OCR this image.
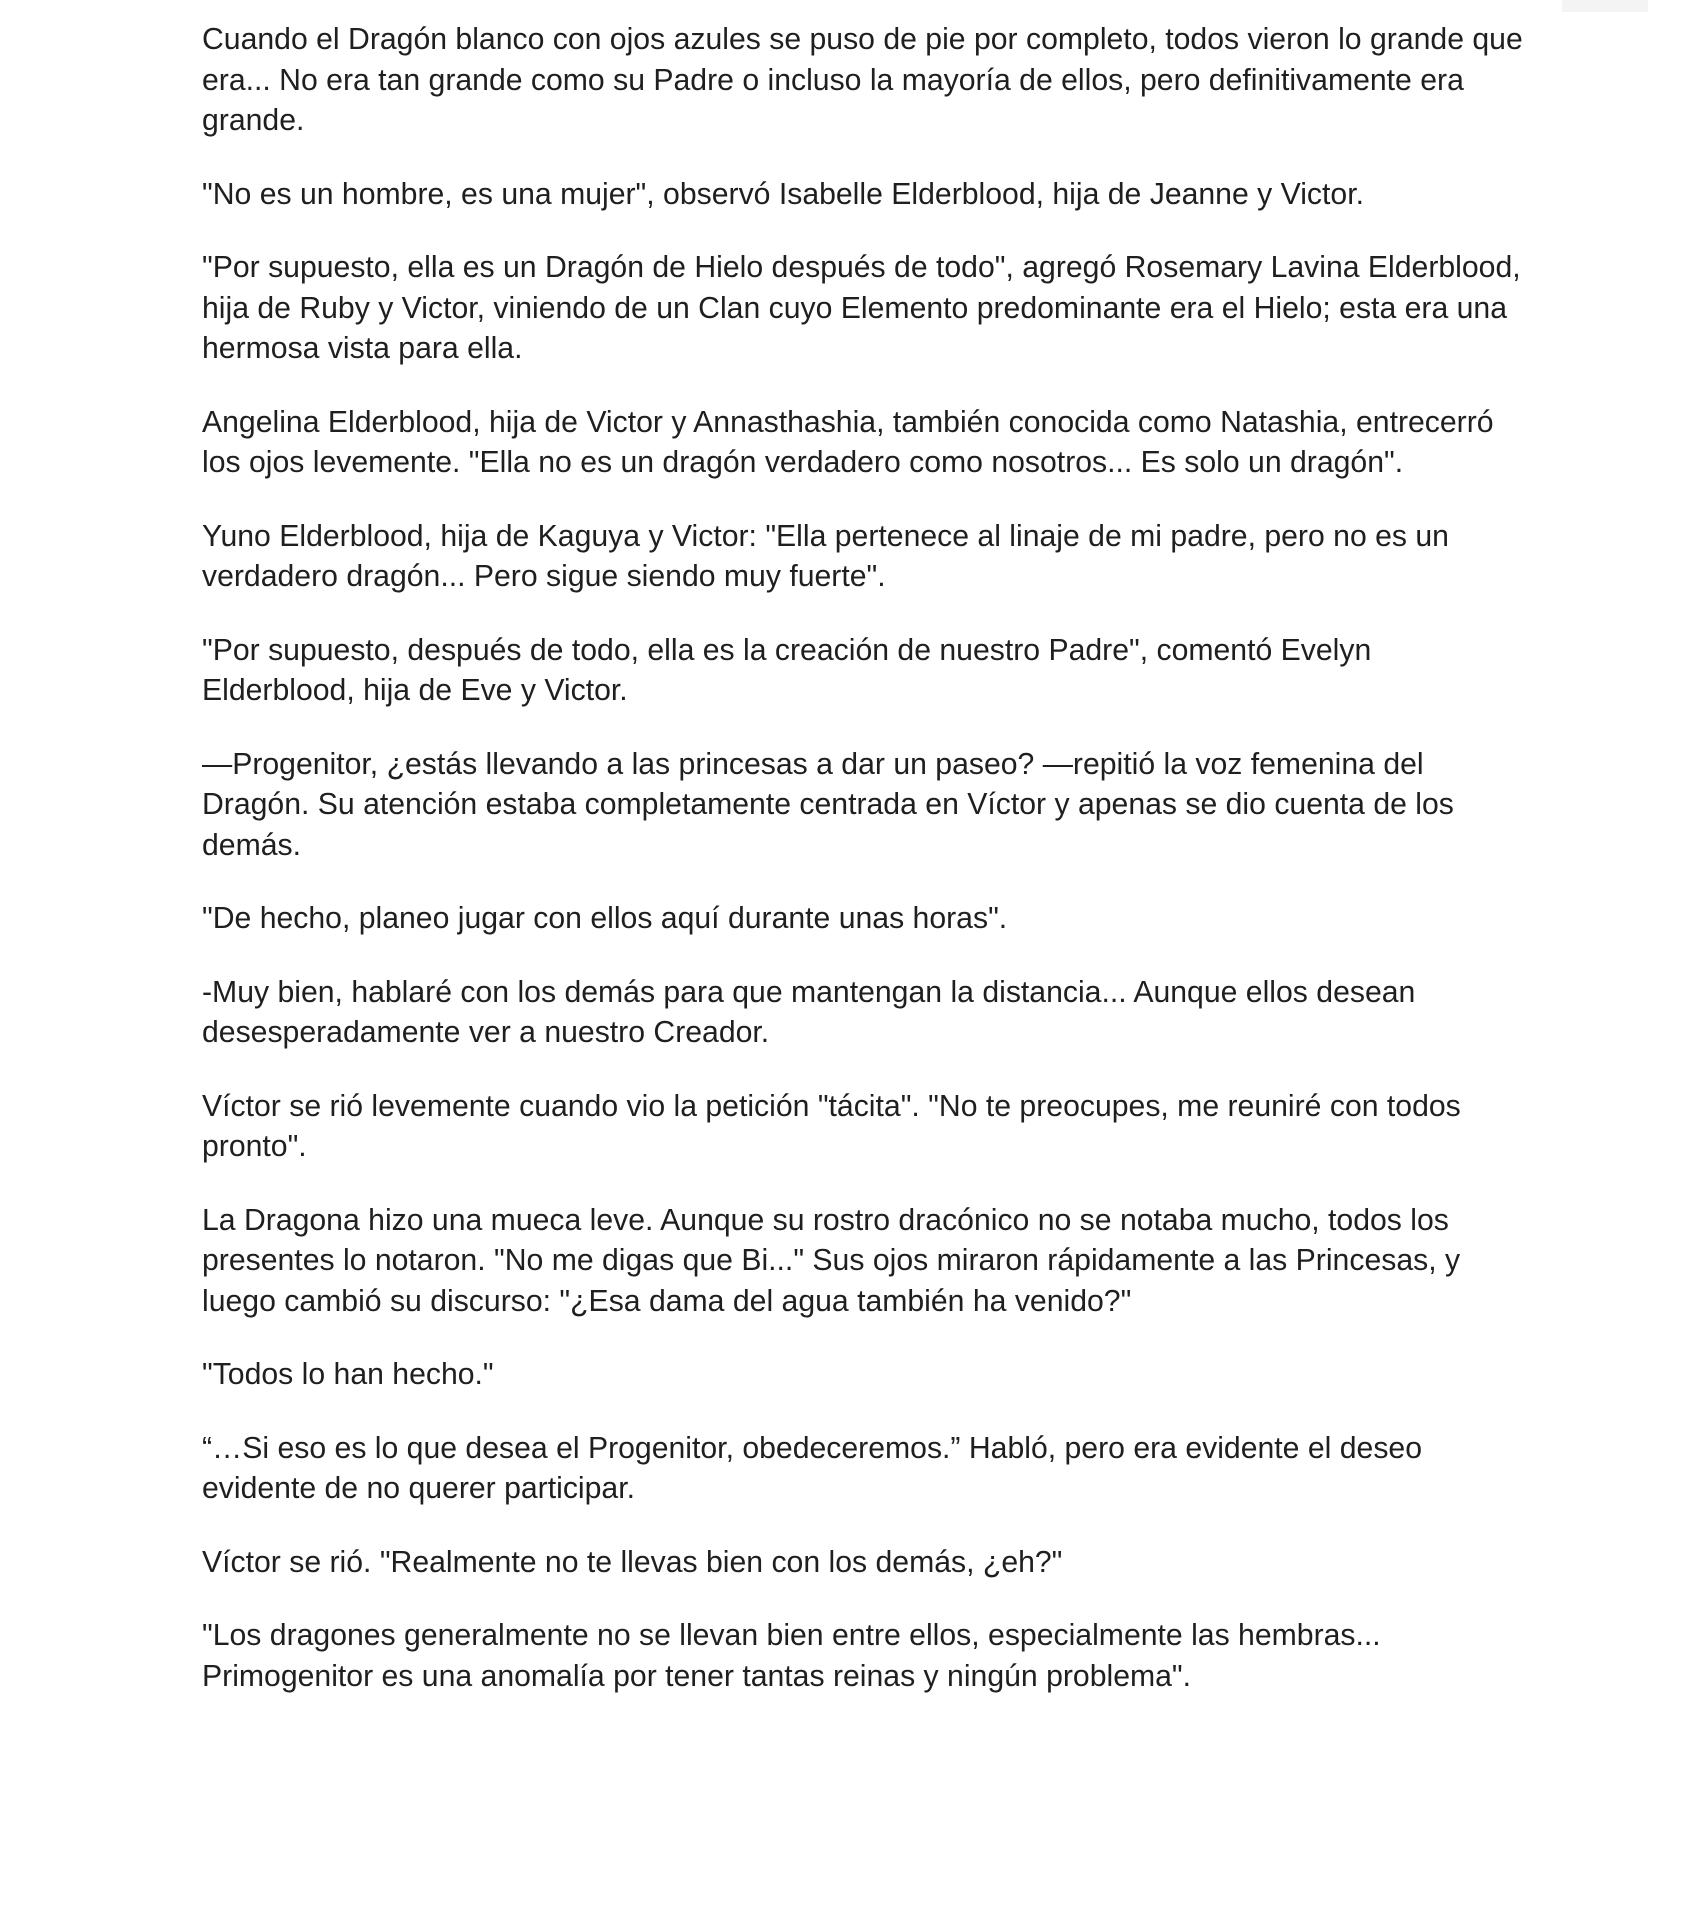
Cuando el Dragón blanco con ojos azules se puso de pie por completo, todos vieron lo grande que era... No era tan grande como su Padre o incluso la mayoría de ellos, pero definitivamente era grande.

"No es un hombre, es una mujer", observó Isabelle Elderblood, hija de Jeanne y Victor.

"Por supuesto, ella es un Dragón de Hielo después de todo", agregó Rosemary Lavina Elderblood, hija de Ruby y Victor, viniendo de un Clan cuyo Elemento predominante era el Hielo; esta era una hermosa vista para ella.

Angelina Elderblood, hija de Victor y Annasthashia, también conocida como Natashia, entrecerró los ojos levemente. "Ella no es un dragón verdadero como nosotros... Es solo un dragón".

Yuno Elderblood, hija de Kaguya y Victor: "Ella pertenece al linaje de mi padre, pero no es un verdadero dragón... Pero sigue siendo muy fuerte".

"Por supuesto, después de todo, ella es la creación de nuestro Padre", comentó Evelyn Elderblood, hija de Eve y Victor.

—Progenitor, ¿estás llevando a las princesas a dar un paseo? —repitió la voz femenina del Dragón. Su atención estaba completamente centrada en Víctor y apenas se dio cuenta de los demás.

"De hecho, planeo jugar con ellos aquí durante unas horas".

-Muy bien, hablaré con los demás para que mantengan la distancia... Aunque ellos desean desesperadamente ver a nuestro Creador.

Víctor se rió levemente cuando vio la petición "tácita". "No te preocupes, me reuniré con todos pronto".

La Dragona hizo una mueca leve. Aunque su rostro dracónico no se notaba mucho, todos los presentes lo notaron. "No me digas que Bi..." Sus ojos miraron rápidamente a las Princesas, y luego cambió su discurso: "¿Esa dama del agua también ha venido?"

"Todos lo han hecho."

“…Si eso es lo que desea el Progenitor, obedeceremos.” Habló, pero era evidente el deseo evidente de no querer participar.

Víctor se rió. "Realmente no te llevas bien con los demás, ¿eh?"

"Los dragones generalmente no se llevan bien entre ellos, especialmente las hembras... Primogenitor es una anomalía por tener tantas reinas y ningún problema".
